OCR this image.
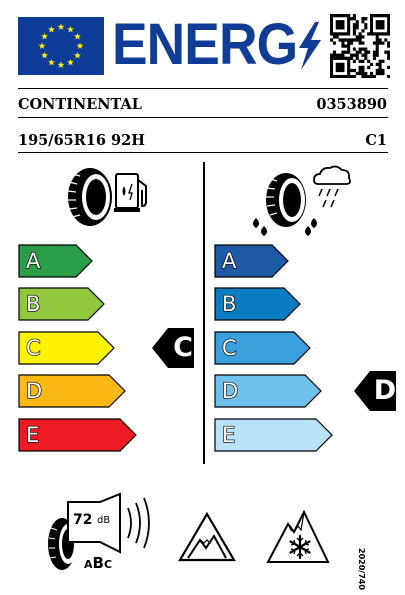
ENERG
CONTINENTAL	0353890
195/65R16 92H	C1
A
B
C
D
E
A
B
C
D
E
C
D
72 dB
ABC	2020/740
